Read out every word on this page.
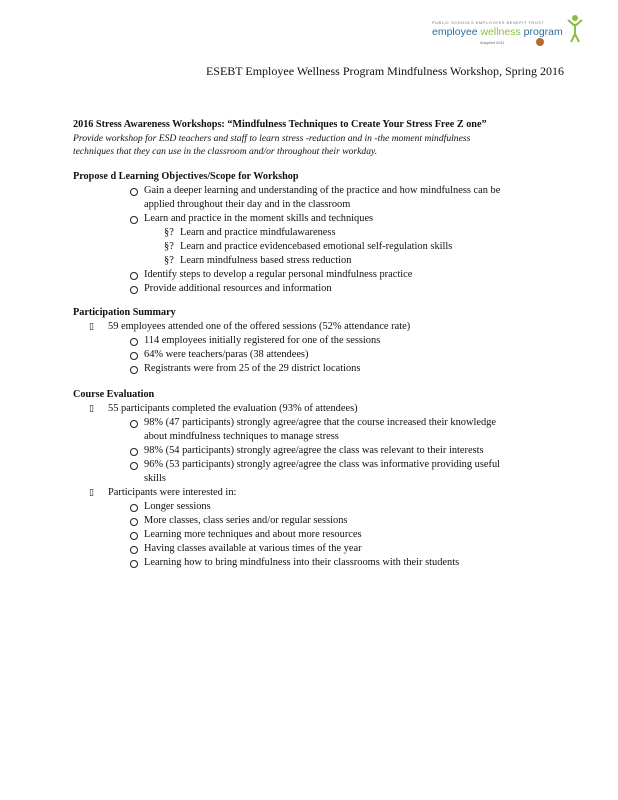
PUBLIC SCHOOLS EMPLOYEES BENEFIT TRUST
employee wellness program
Adopted 2011
ESEBT Employee Wellness Program Mindfulness Workshop, Spring 2016
2016 Stress Awareness Workshops: “Mindfulness Techniques to Create Your Stress Free Z one”
Provide workshop for ESD teachers and staff to learn stress -reduction and in -the moment mindfulness
techniques that they can use in the classroom and/or throughout their workday.
Propose d Learning Objectives/Scope for Workshop
Gain a deeper learning and understanding of the practice and how mindfulness can be
applied throughout their day and in the classroom
Learn and practice in the moment skills and techniques
§? Learn and practice mindfulawareness
§? Learn and practice evidencebased emotional self-regulation skills
§? Learn mindfulness based stress reduction
Identify steps to develop a regular personal mindfulness practice
Provide additional resources and information
Participation Summary
▯ 59 employees attended one of the offered sessions (52% attendance rate)
114 employees initially registered for one of the sessions
64% were teachers/paras (38 attendees)
Registrants were from 25 of the 29 district locations
Course Evaluation
▯ 55 participants completed the evaluation (93% of attendees)
98% (47 participants) strongly agree/agree that the course increased their knowledge
about mindfulness techniques to manage stress
98% (54 participants) strongly agree/agree the class was relevant to their interests
96% (53 participants) strongly agree/agree the class was informative providing useful
skills
▯ Participants were interested in:
Longer sessions
More classes, class series and/or regular sessions
Learning more techniques and about more resources
Having classes available at various times of the year
Learning how to bring mindfulness into their classrooms with their students
